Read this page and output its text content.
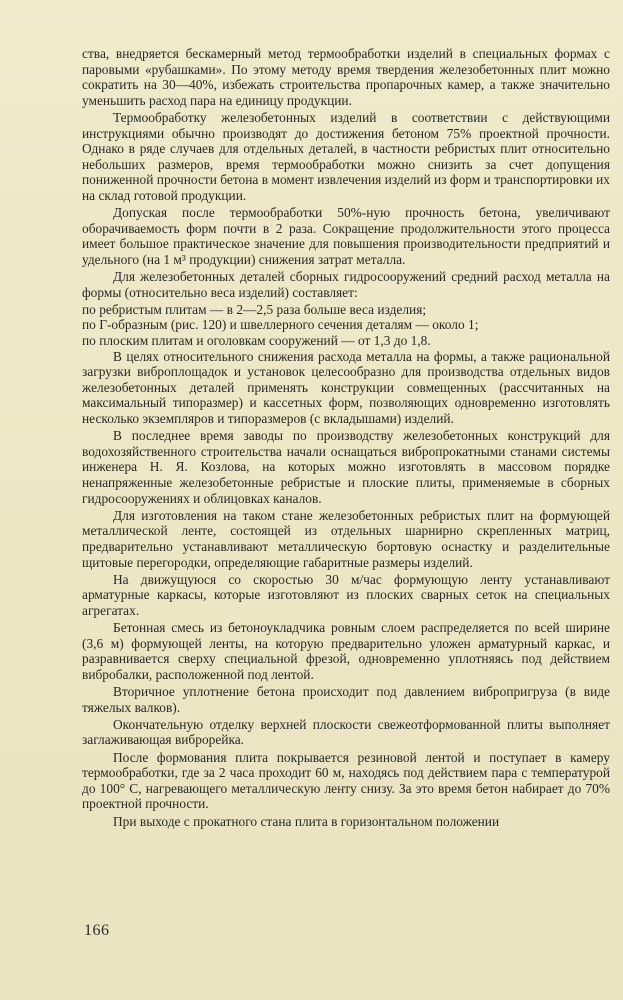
ства, внедряется бескамерный метод термообработки изделий в специальных формах с паровыми «рубашками». По этому методу время твердения железобетонных плит можно сократить на 30—40%, избежать строительства пропарочных камер, а также значительно уменьшить расход пара на единицу продукции.

Термообработку железобетонных изделий в соответствии с действующими инструкциями обычно производят до достижения бетоном 75% проектной прочности. Однако в ряде случаев для отдельных деталей, в частности ребристых плит относительно небольших размеров, время термообработки можно снизить за счет допущения пониженной прочности бетона в момент извлечения изделий из форм и транспортировки их на склад готовой продукции.

Допуская после термообработки 50%-ную прочность бетона, увеличивают оборачиваемость форм почти в 2 раза. Сокращение продолжительности этого процесса имеет большое практическое значение для повышения производительности предприятий и удельного (на 1 м³ продукции) снижения затрат металла.

Для железобетонных деталей сборных гидросооружений средний расход металла на формы (относительно веса изделий) составляет:

по ребристым плитам — в 2—2,5 раза больше веса изделия;

по Г-образным (рис. 120) и швеллерного сечения деталям — около 1;

по плоским плитам и оголовкам сооружений — от 1,3 до 1,8.

В целях относительного снижения расхода металла на формы, а также рациональной загрузки виброплощадок и установок целесообразно для производства отдельных видов железобетонных деталей применять конструкции совмещенных (рассчитанных на максимальный типоразмер) и кассетных форм, позволяющих одновременно изготовлять несколько экземпляров и типоразмеров (с вкладышами) изделий.

В последнее время заводы по производству железобетонных конструкций для водохозяйственного строительства начали оснащаться вибропрокатными станами системы инженера Н. Я. Козлова, на которых можно изготовлять в массовом порядке ненапряженные железобетонные ребристые и плоские плиты, применяемые в сборных гидросооружениях и облицовках каналов.

Для изготовления на таком стане железобетонных ребристых плит на формующей металлической ленте, состоящей из отдельных шарнирно скрепленных матриц, предварительно устанавливают металлическую бортовую оснастку и разделительные щитовые перегородки, определяющие габаритные размеры изделий.

На движущуюся со скоростью 30 м/час формующую ленту устанавливают арматурные каркасы, которые изготовляют из плоских сварных сеток на специальных агрегатах.

Бетонная смесь из бетоноукладчика ровным слоем распределяется по всей ширине (3,6 м) формующей ленты, на которую предварительно уложен арматурный каркас, и разравнивается сверху специальной фрезой, одновременно уплотняясь под действием вибробалки, расположенной под лентой.

Вторичное уплотнение бетона происходит под давлением вибропригруза (в виде тяжелых валков).

Окончательную отделку верхней плоскости свежеотформованной плиты выполняет заглаживающая виброрейка.

После формования плита покрывается резиновой лентой и поступает в камеру термообработки, где за 2 часа проходит 60 м, находясь под действием пара с температурой до 100° С, нагревающего металлическую ленту снизу. За это время бетон набирает до 70% проектной прочности.

При выходе с прокатного стана плита в горизонтальном положении

166
